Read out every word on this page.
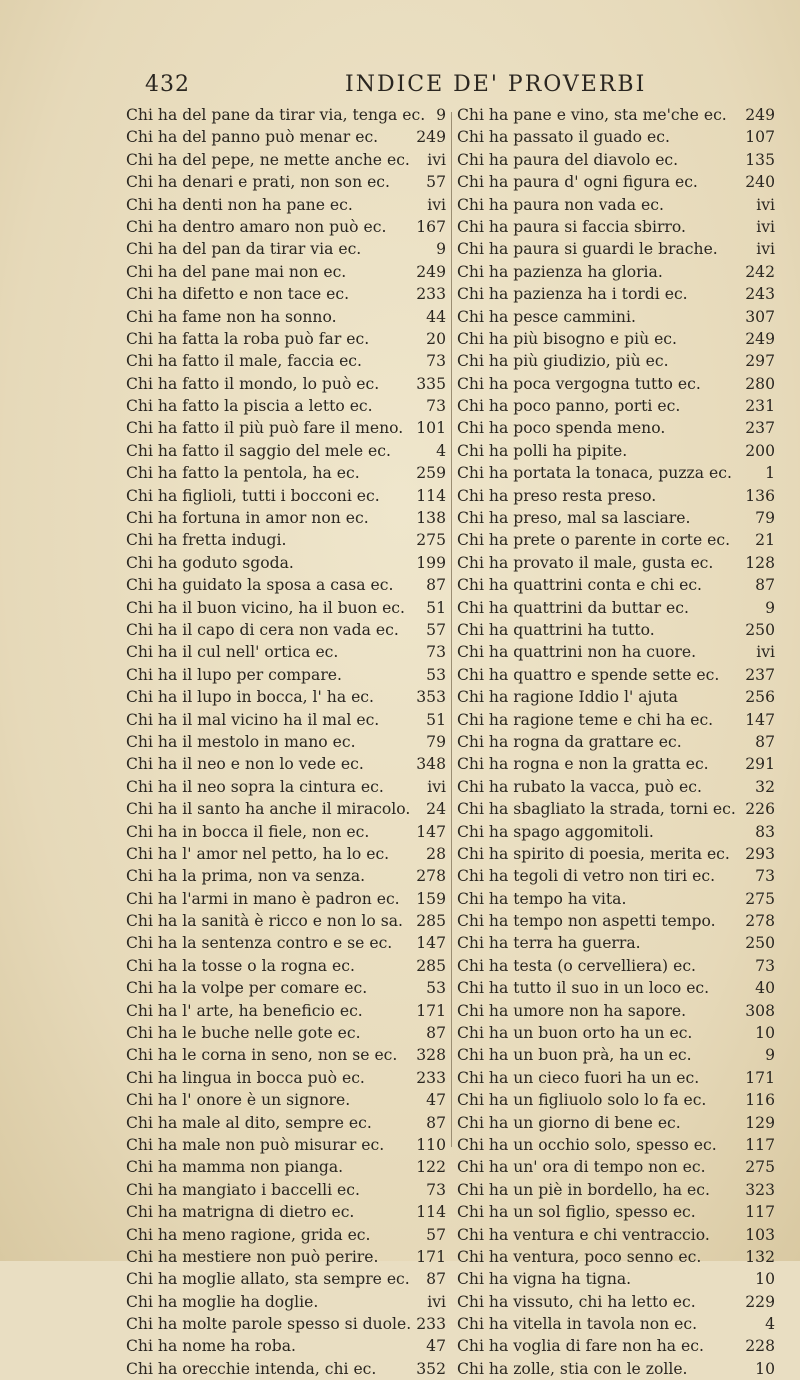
432	INDICE DE' PROVERBI
Chi ha del pane da tirar via, tenga ec. 9
Chi ha del panno può menar ec. 249
Chi ha del pepe, ne mette anche ec. ivi
Chi ha denari e prati, non son ec. 57
Chi ha denti non ha pane ec.	ivi
Chi ha dentro amaro non può ec. 167
Chi ha del pan da tirar via ec.	9
Chi ha del pane mai non ec.	249
Chi ha difetto e non tace ec.	233
Chi ha fame non ha sonno.	44
Chi ha fatta la roba può far ec.	20
Chi ha fatto il male, faccia ec.	73
Chi ha fatto il mondo, lo può ec. 335
Chi ha fatto la piscia a letto ec.	73
Chi ha fatto il più può fare il meno. 101
Chi ha fatto il saggio del mele ec.	4
Chi ha fatto la pentola, ha ec.	259
Chi ha figlioli, tutti i bocconi ec. 114
Chi ha fortuna in amor non ec.	138
Chi ha fretta indugi.	275
Chi ha goduto sgoda.	199
Chi ha guidato la sposa a casa ec. 87
Chi ha il buon vicino, ha il buon ec. 51
Chi ha il capo di cera non vada ec. 57
Chi ha il cul nell' ortica ec.	73
Chi ha il lupo per compare.	53
Chi ha il lupo in bocca, l' ha ec.	353
Chi ha il mal vicino ha il mal ec.	51
Chi ha il mestolo in mano ec.	79
Chi ha il neo e non lo vede ec.	348
Chi ha il neo sopra la cintura ec.	ivi
Chi ha il santo ha anche il miracolo. 24
Chi ha in bocca il fiele, non ec.	147
Chi ha l' amor nel petto, ha lo ec. 28
Chi ha la prima, non va senza.	278
Chi ha l'armi in mano è padron ec. 159
Chi ha la sanità è ricco e non lo sa. 285
Chi ha la sentenza contro e se ec. 147
Chi ha la tosse o la rogna ec.	285
Chi ha la volpe per comare ec.	53
Chi ha l' arte, ha beneficio ec.	171
Chi ha le buche nelle gote ec.	87
Chi ha le corna in seno, non se ec. 328
Chi ha lingua in bocca può ec.	233
Chi ha l' onore è un signore.	47
Chi ha male al dito, sempre ec.	87
Chi ha male non può misurar ec. 110
Chi ha mamma non pianga.	122
Chi ha mangiato i baccelli ec.	73
Chi ha matrigna di dietro ec.	114
Chi ha meno ragione, grida ec.	57
Chi ha mestiere non può perire. 171
Chi ha moglie allato, sta sempre ec. 87
Chi ha moglie ha doglie.	ivi
Chi ha molte parole spesso si duole. 233
Chi ha nome ha roba.	47
Chi ha orecchie intenda, chi ec.	352
Chi ha pane e vino, sta me'che ec. 249
Chi ha passato il guado ec.	107
Chi ha paura del diavolo ec.	135
Chi ha paura d' ogni figura ec.	240
Chi ha paura non vada ec.	ivi
Chi ha paura si faccia sbirro.	ivi
Chi ha paura si guardi le brache. ivi
Chi ha pazienza ha gloria.	242
Chi ha pazienza ha i tordi ec.	243
Chi ha pesce cammini.	307
Chi ha più bisogno e più ec.	249
Chi ha più giudizio, più ec.	297
Chi ha poca vergogna tutto ec.	280
Chi ha poco panno, porti ec.	231
Chi ha poco spenda meno.	237
Chi ha polli ha pipite.	200
Chi ha portata la tonaca, puzza ec. 1
Chi ha preso resta preso.	136
Chi ha preso, mal sa lasciare.	79
Chi ha prete o parente in corte ec. 21
Chi ha provato il male, gusta ec. 128
Chi ha quattrini conta e chi ec.	87
Chi ha quattrini da buttar ec.	9
Chi ha quattrini ha tutto.	250
Chi ha quattrini non ha cuore.	ivi
Chi ha quattro e spende sette ec. 237
Chi ha ragione Iddio l' ajuta	256
Chi ha ragione teme e chi ha ec. 147
Chi ha rogna da grattare ec.	87
Chi ha rogna e non la gratta ec. 291
Chi ha rubato la vacca, può ec.	32
Chi ha sbagliato la strada, torni ec. 226
Chi ha spago aggomitoli.	83
Chi ha spirito di poesia, merita ec. 293
Chi ha tegoli di vetro non tiri ec.	73
Chi ha tempo ha vita.	275
Chi ha tempo non aspetti tempo. 278
Chi ha terra ha guerra.	250
Chi ha testa (o cervelliera) ec.	73
Chi ha tutto il suo in un loco ec.	40
Chi ha umore non ha sapore.	308
Chi ha un buon orto ha un ec.	10
Chi ha un buon prà, ha un ec.	9
Chi ha un cieco fuori ha un ec.	171
Chi ha un figliuolo solo lo fa ec. 116
Chi ha un giorno di bene ec.	129
Chi ha un occhio solo, spesso ec. 117
Chi ha un' ora di tempo non ec.	275
Chi ha un piè in bordello, ha ec. 323
Chi ha un sol figlio, spesso ec.	117
Chi ha ventura e chi ventraccio. 103
Chi ha ventura, poco senno ec.	132
Chi ha vigna ha tigna.	10
Chi ha vissuto, chi ha letto ec.	229
Chi ha vitella in tavola non ec.	4
Chi ha voglia di fare non ha ec.	228
Chi ha zolle, stia con le zolle.	10
